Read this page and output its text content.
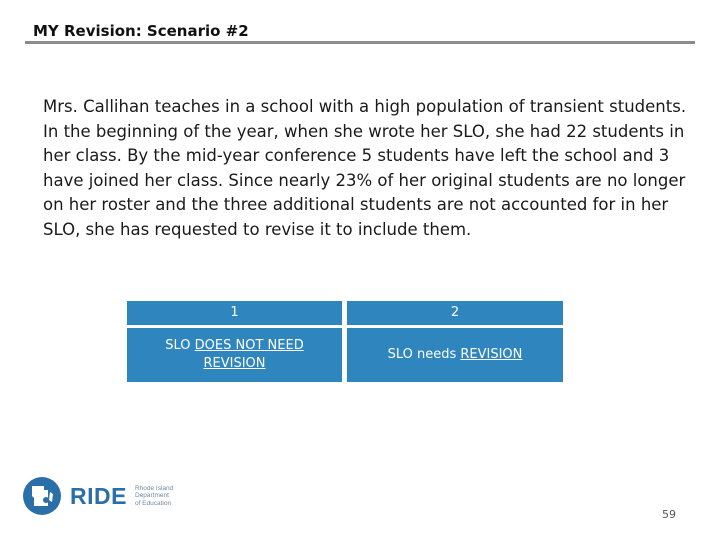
MY Revision: Scenario #2
Mrs. Callihan teaches in a school with a high population of transient students. In the beginning of the year, when she wrote her SLO, she had 22 students in her class. By the mid-year conference 5 students have left the school and 3 have joined her class. Since nearly 23% of her original students are no longer on her roster and the three additional students are not accounted for in her SLO, she has requested to revise it to include them.
1	2
SLO DOES NOT NEED REVISION
SLO needs REVISION
RIDE Rhode Island
Department
of Education
59
